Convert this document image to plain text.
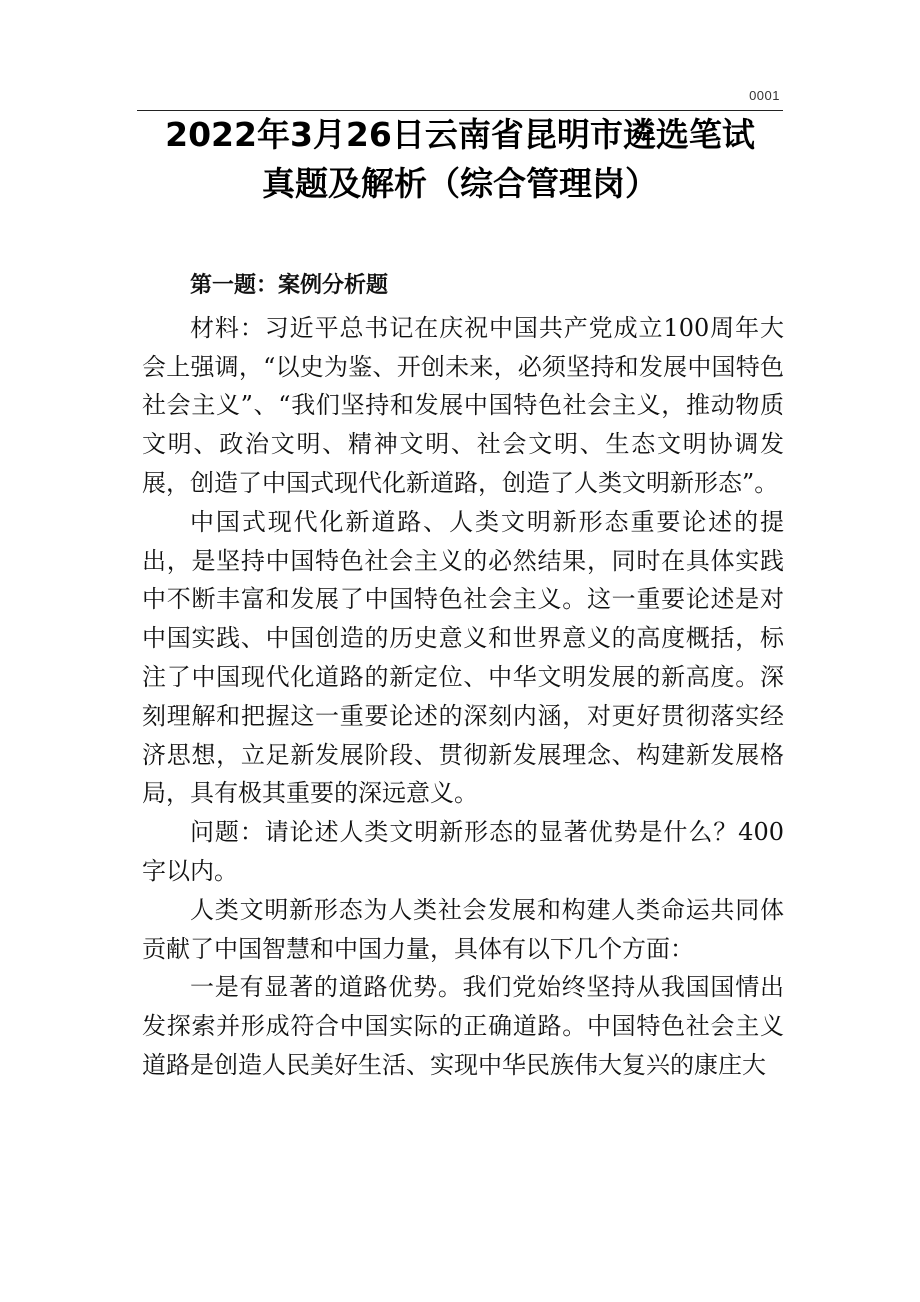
0001
2022年3月26日云南省昆明市遴选笔试
真题及解析（综合管理岗）

第一题：案例分析题

材料：习近平总书记在庆祝中国共产党成立100周年大会上强调，“以史为鉴、开创未来，必须坚持和发展中国特色社会主义”、“我们坚持和发展中国特色社会主义，推动物质文明、政治文明、精神文明、社会文明、生态文明协调发展，创造了中国式现代化新道路，创造了人类文明新形态”。

中国式现代化新道路、人类文明新形态重要论述的提出，是坚持中国特色社会主义的必然结果，同时在具体实践中不断丰富和发展了中国特色社会主义。这一重要论述是对中国实践、中国创造的历史意义和世界意义的高度概括，标注了中国现代化道路的新定位、中华文明发展的新高度。深刻理解和把握这一重要论述的深刻内涵，对更好贯彻落实经济思想，立足新发展阶段、贯彻新发展理念、构建新发展格局，具有极其重要的深远意义。

问题：请论述人类文明新形态的显著优势是什么？400字以内。

人类文明新形态为人类社会发展和构建人类命运共同体贡献了中国智慧和中国力量，具体有以下几个方面：

一是有显著的道路优势。我们党始终坚持从我国国情出发探索并形成符合中国实际的正确道路。中国特色社会主义道路是创造人民美好生活、实现中华民族伟大复兴的康庄大
